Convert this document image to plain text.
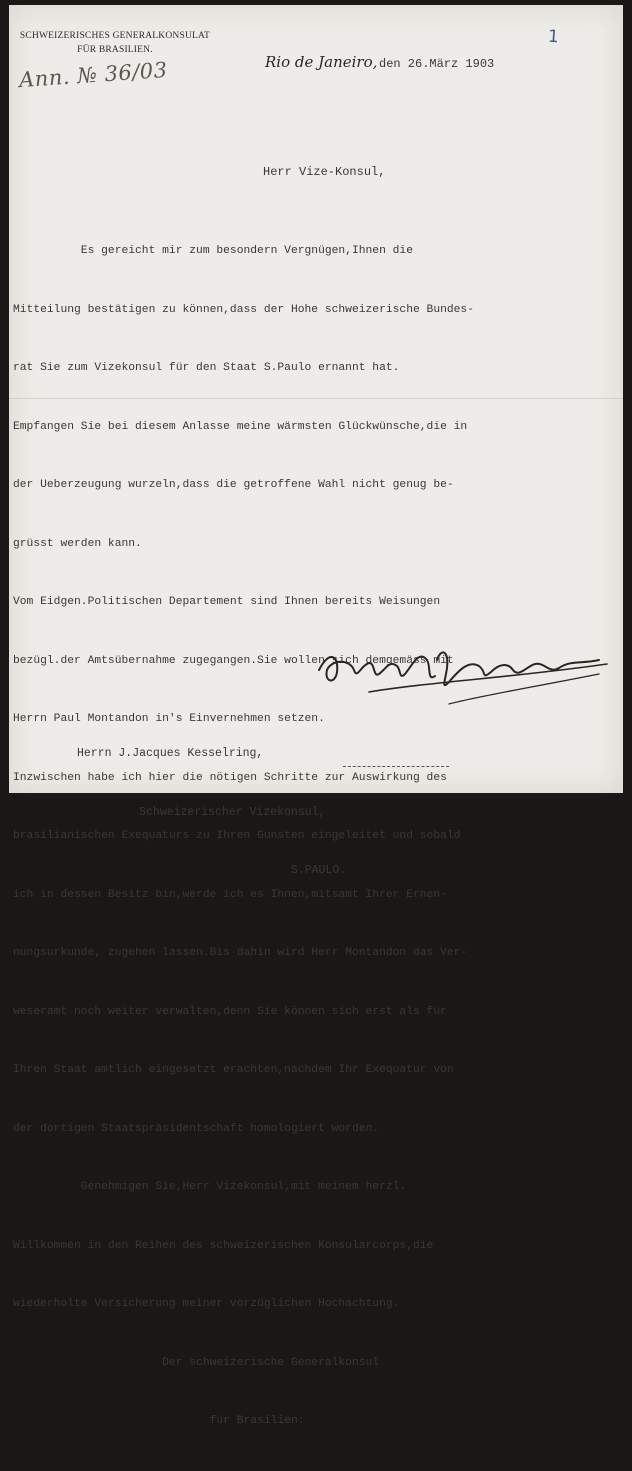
SCHWEIZERISCHES GENERALKONSULAT
FÜR BRASILIEN.
Ann. № 36/03
1
Rio de Janeiro, den 26.März 1903
Herr Vize-Konsul,

Es gereicht mir zum besondern Vergnügen,Ihnen die

Mitteilung bestätigen zu können,dass der Hohe schweizerische Bundes-

rat Sie zum Vizekonsul für den Staat S.Paulo ernannt hat.

Empfangen Sie bei diesem Anlasse meine wärmsten Glückwünsche,die in

der Ueberzeugung wurzeln,dass die getroffene Wahl nicht genug be-

grüsst werden kann.

Vom Eidgen.Politischen Departement sind Ihnen bereits Weisungen

bezügl.der Amtsübernahme zugegangen.Sie wollen sich demgemäss mit

Herrn Paul Montandon in's Einvernehmen setzen.

Inzwischen habe ich hier die nötigen Schritte zur Auswirkung des

brasilianischen Exequaturs zu Ihren Gunsten eingeleitet und sobald

ich in dessen Besitz bin,werde ich es Ihnen,mitsamt Ihrer Ernen-

nungsurkunde, zugehen lassen.Bis dahin wird Herr Montandon das Ver-

weseramt noch weiter verwalten,denn Sie können sich erst als für

Ihren Staat amtlich eingesetzt erachten,nachdem Ihr Exequatur von

der dortigen Staatspräsidentschaft homologiert worden.

Genehmigen Sie,Herr Vizekonsul,mit meinem herzl.

Willkommen in den Reihen des schweizerischen Konsularcorps,die

wiederholte Versicherung meiner vorzüglichen Hochachtung.

Der schweizerische Generalkonsul

für Brasilien:

Aug. H. Wagner

Herrn J.Jacques Kesselring,

Schweizerischer Vizekonsul,

S.PAULO.
